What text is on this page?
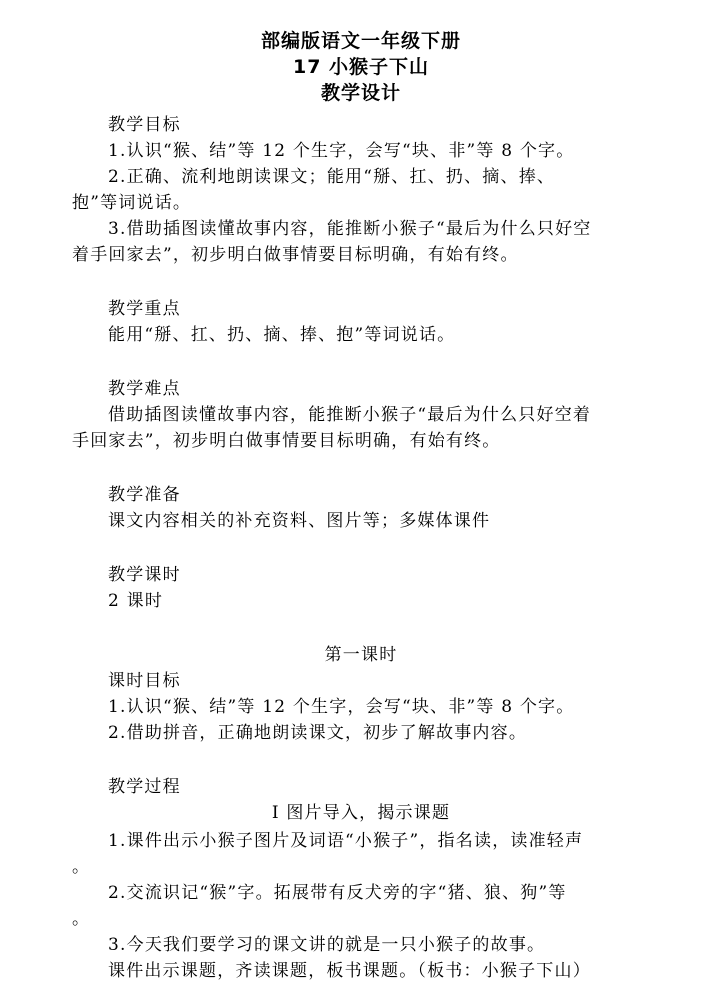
部编版语文一年级下册
17 小猴子下山
教学设计
教学目标
1.认识“猴、结”等 12 个生字，会写“块、非”等 8 个字。
2.正确、流利地朗读课文；能用“掰、扛、扔、摘、捧、
抱”等词说话。
3.借助插图读懂故事内容，能推断小猴子“最后为什么只好空
着手回家去”，初步明白做事情要目标明确，有始有终。
教学重点
能用“掰、扛、扔、摘、捧、抱”等词说话。
教学难点
借助插图读懂故事内容，能推断小猴子“最后为什么只好空着
手回家去”，初步明白做事情要目标明确，有始有终。
教学准备
课文内容相关的补充资料、图片等；多媒体课件
教学课时
2 课时
第一课时
课时目标
1.认识“猴、结”等 12 个生字，会写“块、非”等 8 个字。
2.借助拼音，正确地朗读课文，初步了解故事内容。
教学过程
Ⅰ 图片导入，揭示课题
1.课件出示小猴子图片及词语“小猴子”，指名读，读准轻声
。
2.交流识记“猴”字。拓展带有反犬旁的字“猪、狼、狗”等
。
3.今天我们要学习的课文讲的就是一只小猴子的故事。
课件出示课题，齐读课题，板书课题。（板书：小猴子下山）
